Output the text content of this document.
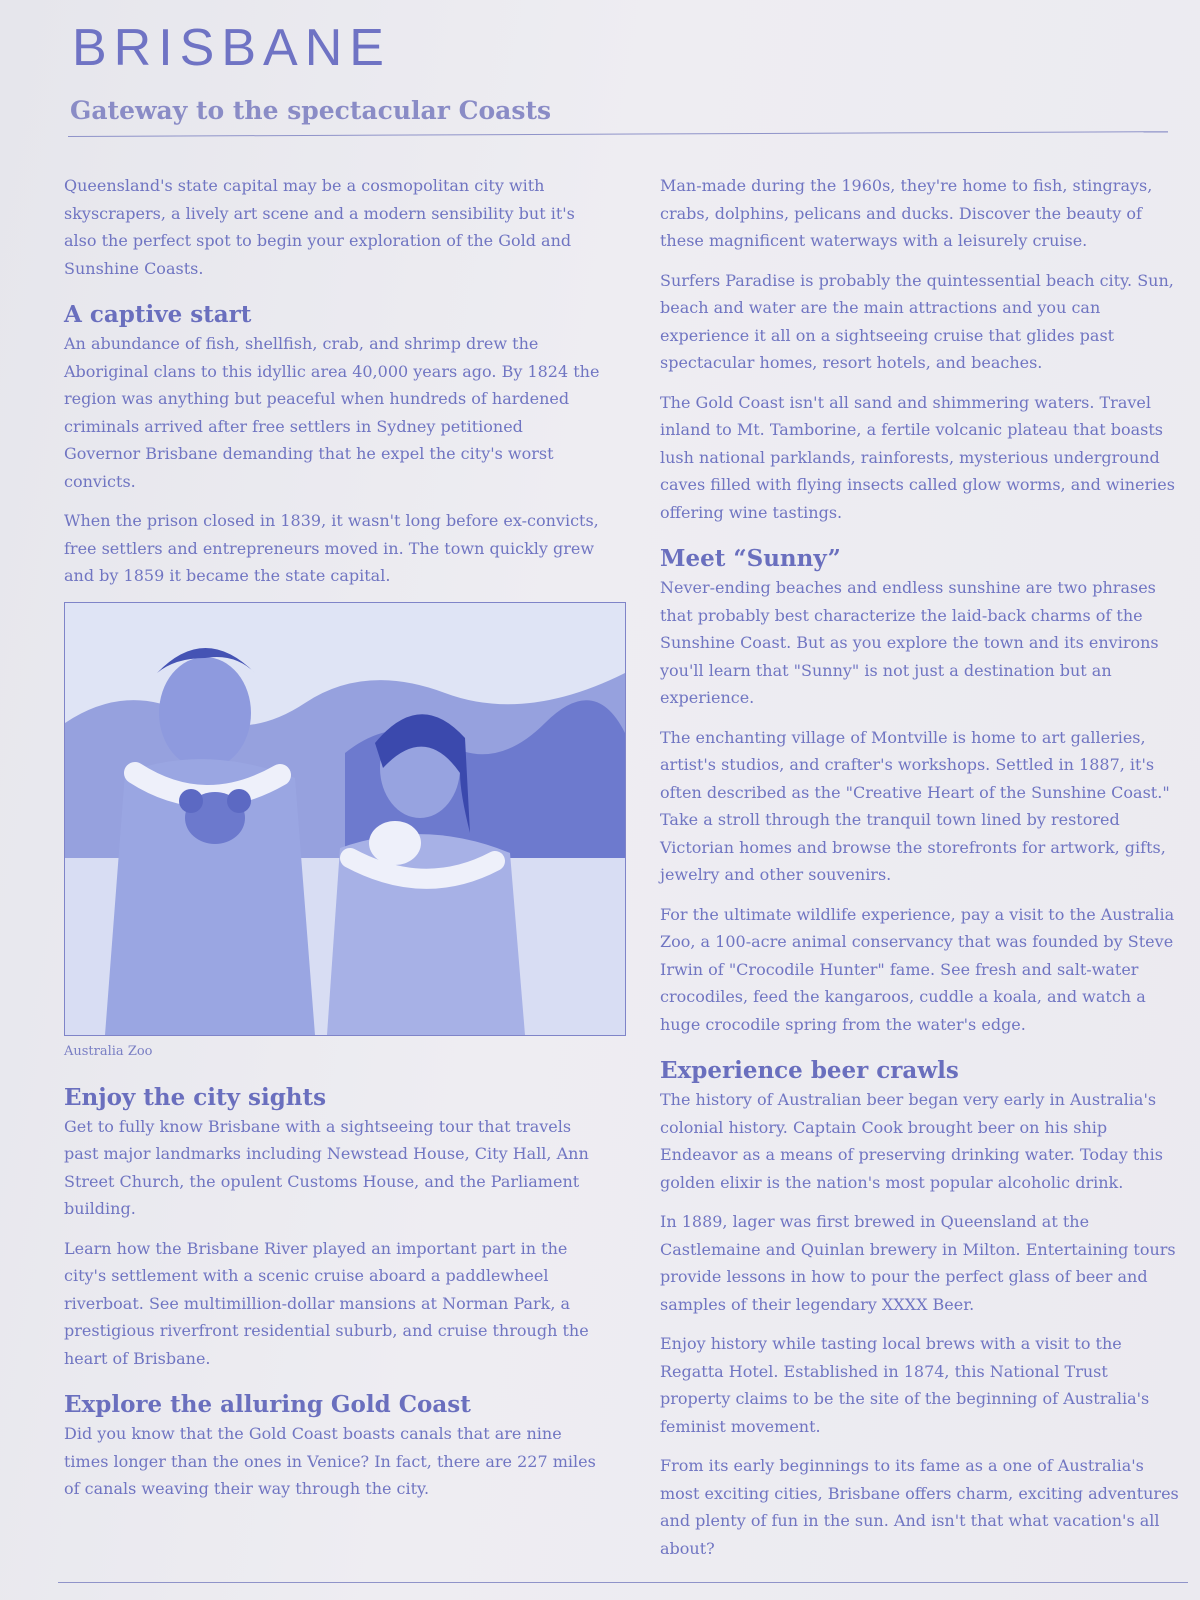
BRISBANE
Gateway to the spectacular Coasts

Queensland's state capital may be a cosmopolitan city with skyscrapers, a lively art scene and a modern sensibility but it's also the perfect spot to begin your exploration of the Gold and Sunshine Coasts.

A captive start

An abundance of fish, shellfish, crab, and shrimp drew the Aboriginal clans to this idyllic area 40,000 years ago. By 1824 the region was anything but peaceful when hundreds of hardened criminals arrived after free settlers in Sydney petitioned Governor Brisbane demanding that he expel the city's worst convicts.

When the prison closed in 1839, it wasn't long before ex-convicts, free settlers and entrepreneurs moved in. The town quickly grew and by 1859 it became the state capital.

Australia Zoo
Enjoy the city sights

Get to fully know Brisbane with a sightseeing tour that travels past major landmarks including Newstead House, City Hall, Ann Street Church, the opulent Customs House, and the Parliament building.

Learn how the Brisbane River played an important part in the city's settlement with a scenic cruise aboard a paddlewheel riverboat. See multimillion-dollar mansions at Norman Park, a prestigious riverfront residential suburb, and cruise through the heart of Brisbane.

Explore the alluring Gold Coast

Did you know that the Gold Coast boasts canals that are nine times longer than the ones in Venice? In fact, there are 227 miles of canals weaving their way through the city.

Man-made during the 1960s, they're home to fish, stingrays, crabs, dolphins, pelicans and ducks. Discover the beauty of these magnificent waterways with a leisurely cruise.

Surfers Paradise is probably the quintessential beach city. Sun, beach and water are the main attractions and you can experience it all on a sightseeing cruise that glides past spectacular homes, resort hotels, and beaches.

The Gold Coast isn't all sand and shimmering waters. Travel inland to Mt. Tamborine, a fertile volcanic plateau that boasts lush national parklands, rainforests, mysterious underground caves filled with flying insects called glow worms, and wineries offering wine tastings.

Meet “Sunny”

Never-ending beaches and endless sunshine are two phrases that probably best characterize the laid-back charms of the Sunshine Coast. But as you explore the town and its environs you'll learn that "Sunny" is not just a destination but an experience.

The enchanting village of Montville is home to art galleries, artist's studios, and crafter's workshops. Settled in 1887, it's often described as the "Creative Heart of the Sunshine Coast." Take a stroll through the tranquil town lined by restored Victorian homes and browse the storefronts for artwork, gifts, jewelry and other souvenirs.

For the ultimate wildlife experience, pay a visit to the Australia Zoo, a 100-acre animal conservancy that was founded by Steve Irwin of "Crocodile Hunter" fame. See fresh and salt-water crocodiles, feed the kangaroos, cuddle a koala, and watch a huge crocodile spring from the water's edge.

Experience beer crawls

The history of Australian beer began very early in Australia's colonial history. Captain Cook brought beer on his ship Endeavor as a means of preserving drinking water. Today this golden elixir is the nation's most popular alcoholic drink.

In 1889, lager was first brewed in Queensland at the Castlemaine and Quinlan brewery in Milton. Entertaining tours provide lessons in how to pour the perfect glass of beer and samples of their legendary XXXX Beer.

Enjoy history while tasting local brews with a visit to the Regatta Hotel. Established in 1874, this National Trust property claims to be the site of the beginning of Australia's feminist movement.

From its early beginnings to its fame as a one of Australia's most exciting cities, Brisbane offers charm, exciting adventures and plenty of fun in the sun. And isn't that what vacation's all about?
